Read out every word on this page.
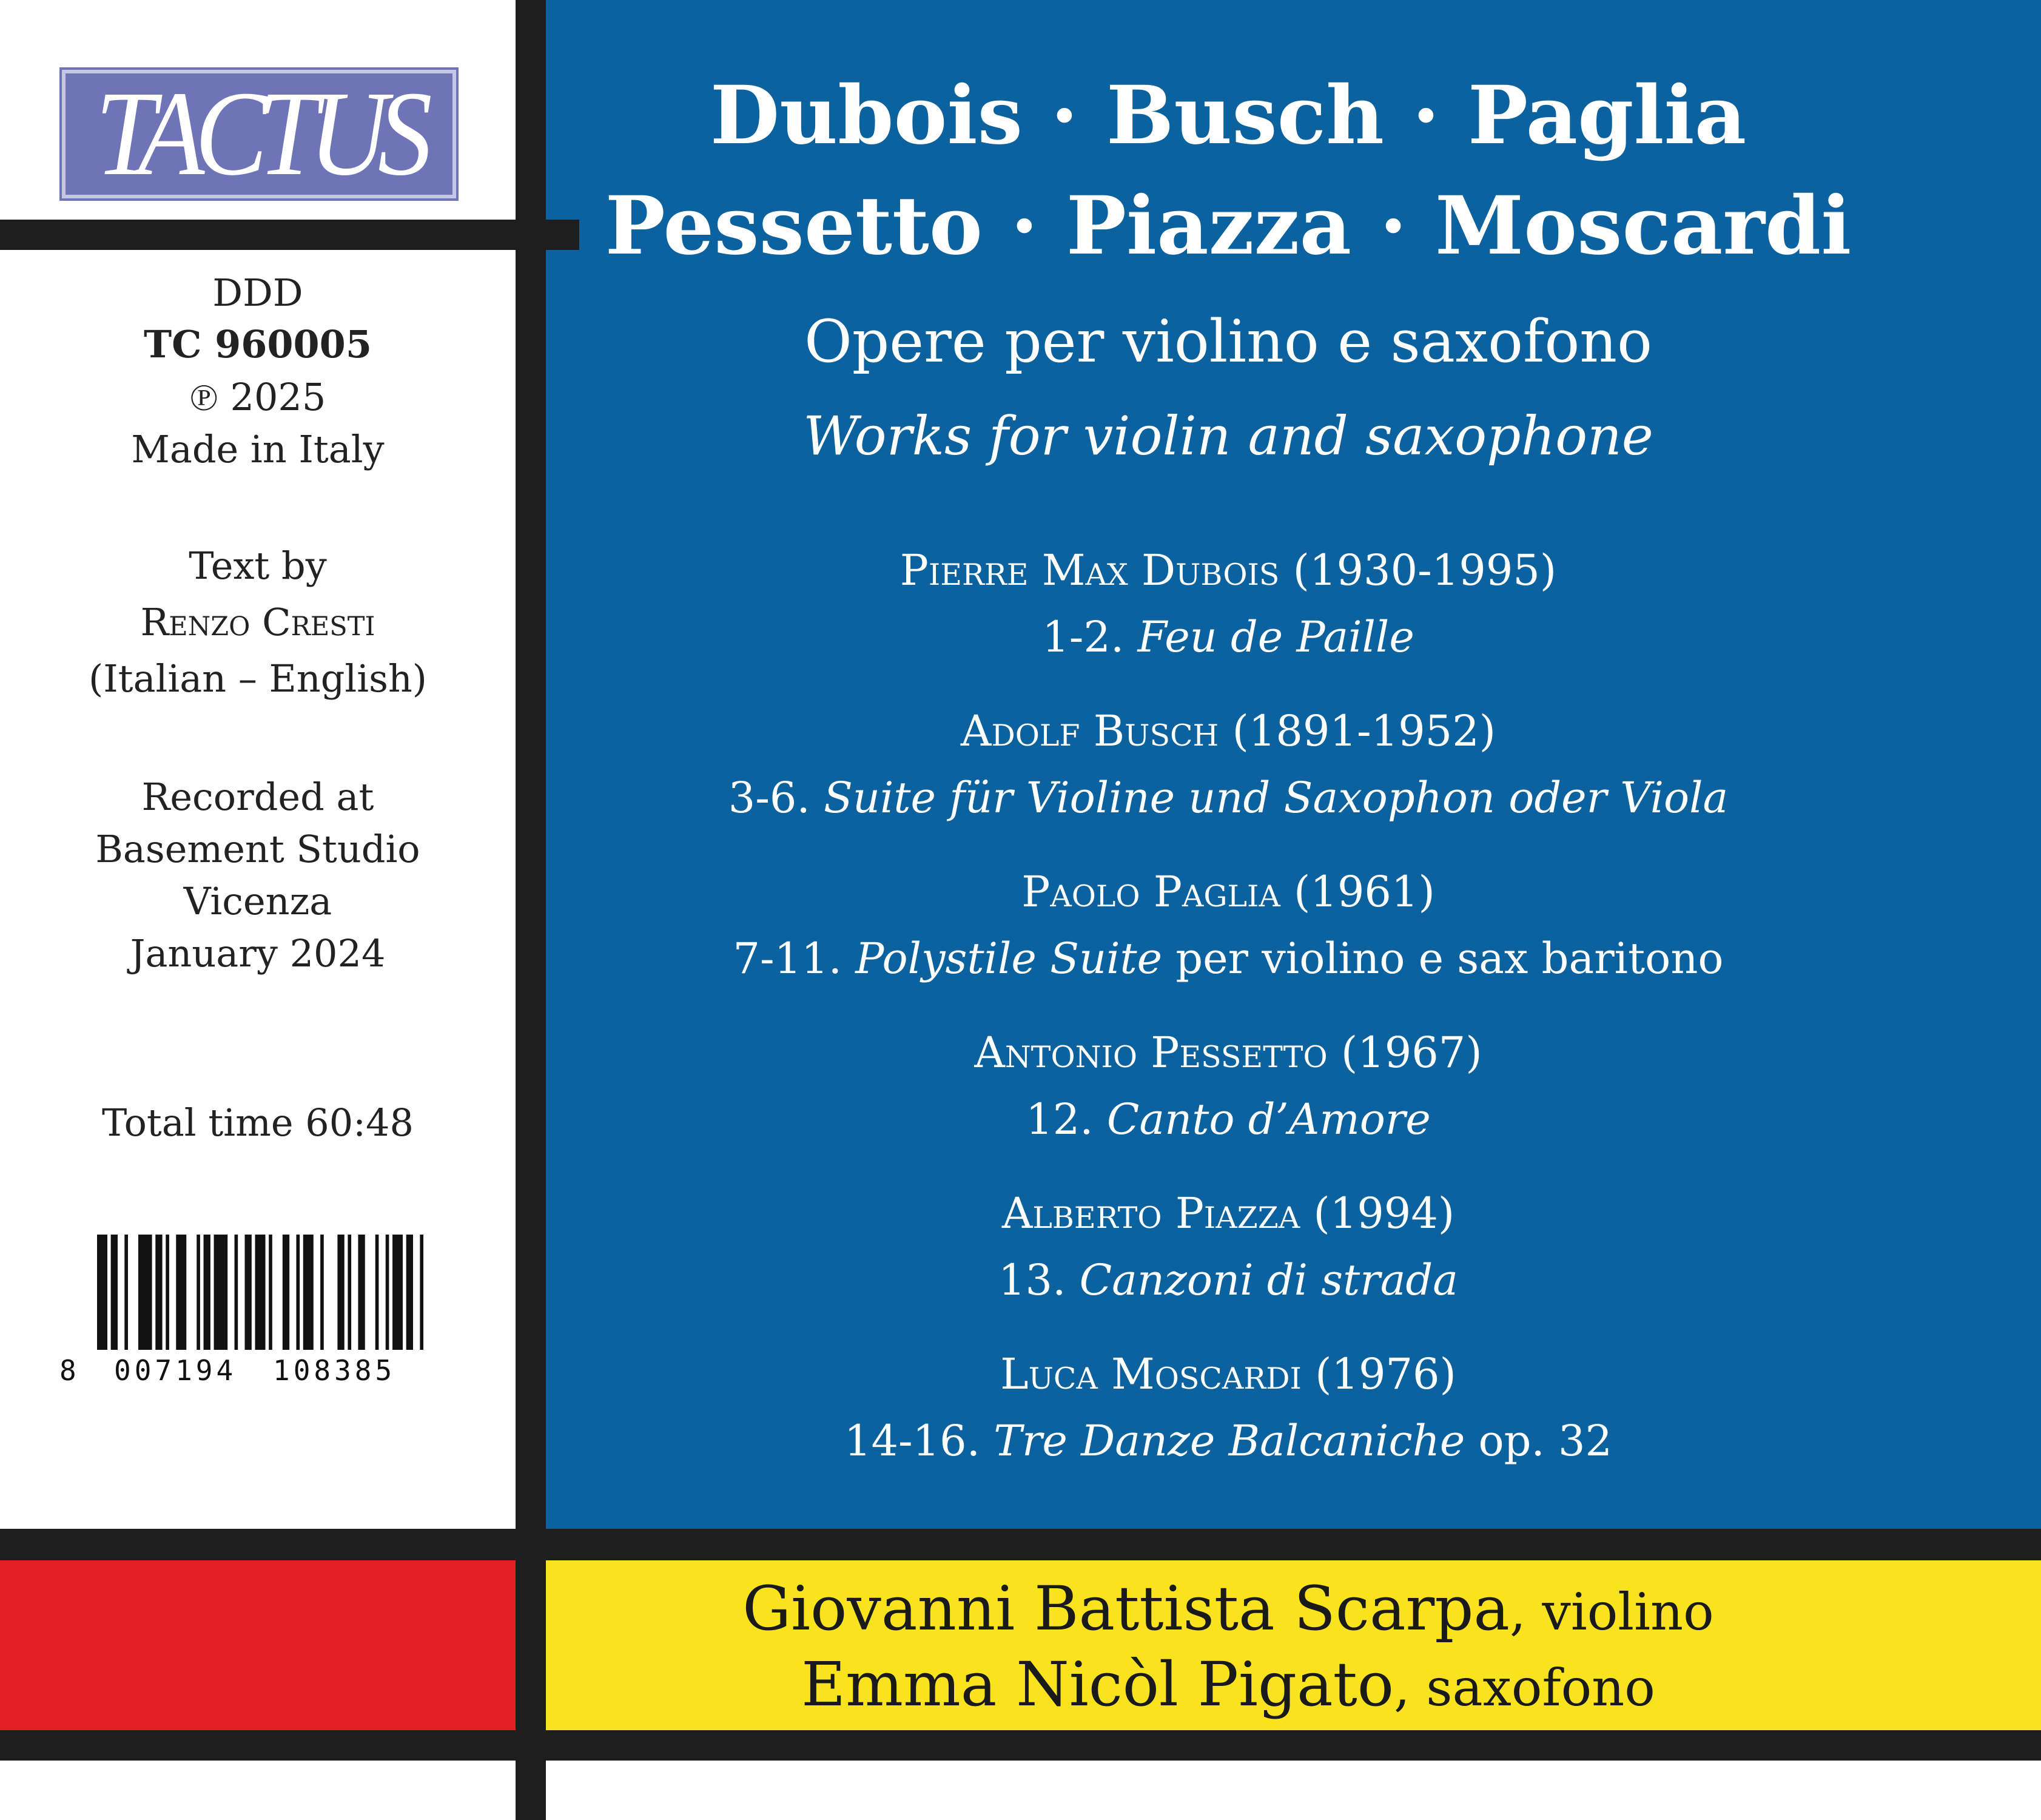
TACTUS
DDD
TC 960005
℗ 2025
Made in Italy
Text by
Renzo Cresti
(Italian – English)
Recorded at
Basement Studio
Vicenza
January 2024
Total time 60:48
8 007194 108385
Dubois · Busch · Paglia
Pessetto · Piazza · Moscardi
Opere per violino e saxofono
Works for violin and saxophone
Pierre Max Dubois (1930-1995)
1-2. Feu de Paille
Adolf Busch (1891-1952)
3-6. Suite für Violine und Saxophon oder Viola
Paolo Paglia (1961)
7-11. Polystile Suite per violino e sax baritono
Antonio Pessetto (1967)
12. Canto d’Amore
Alberto Piazza (1994)
13. Canzoni di strada
Luca Moscardi (1976)
14-16. Tre Danze Balcaniche op. 32
Giovanni Battista Scarpa, violino
Emma Nicòl Pigato, saxofono
